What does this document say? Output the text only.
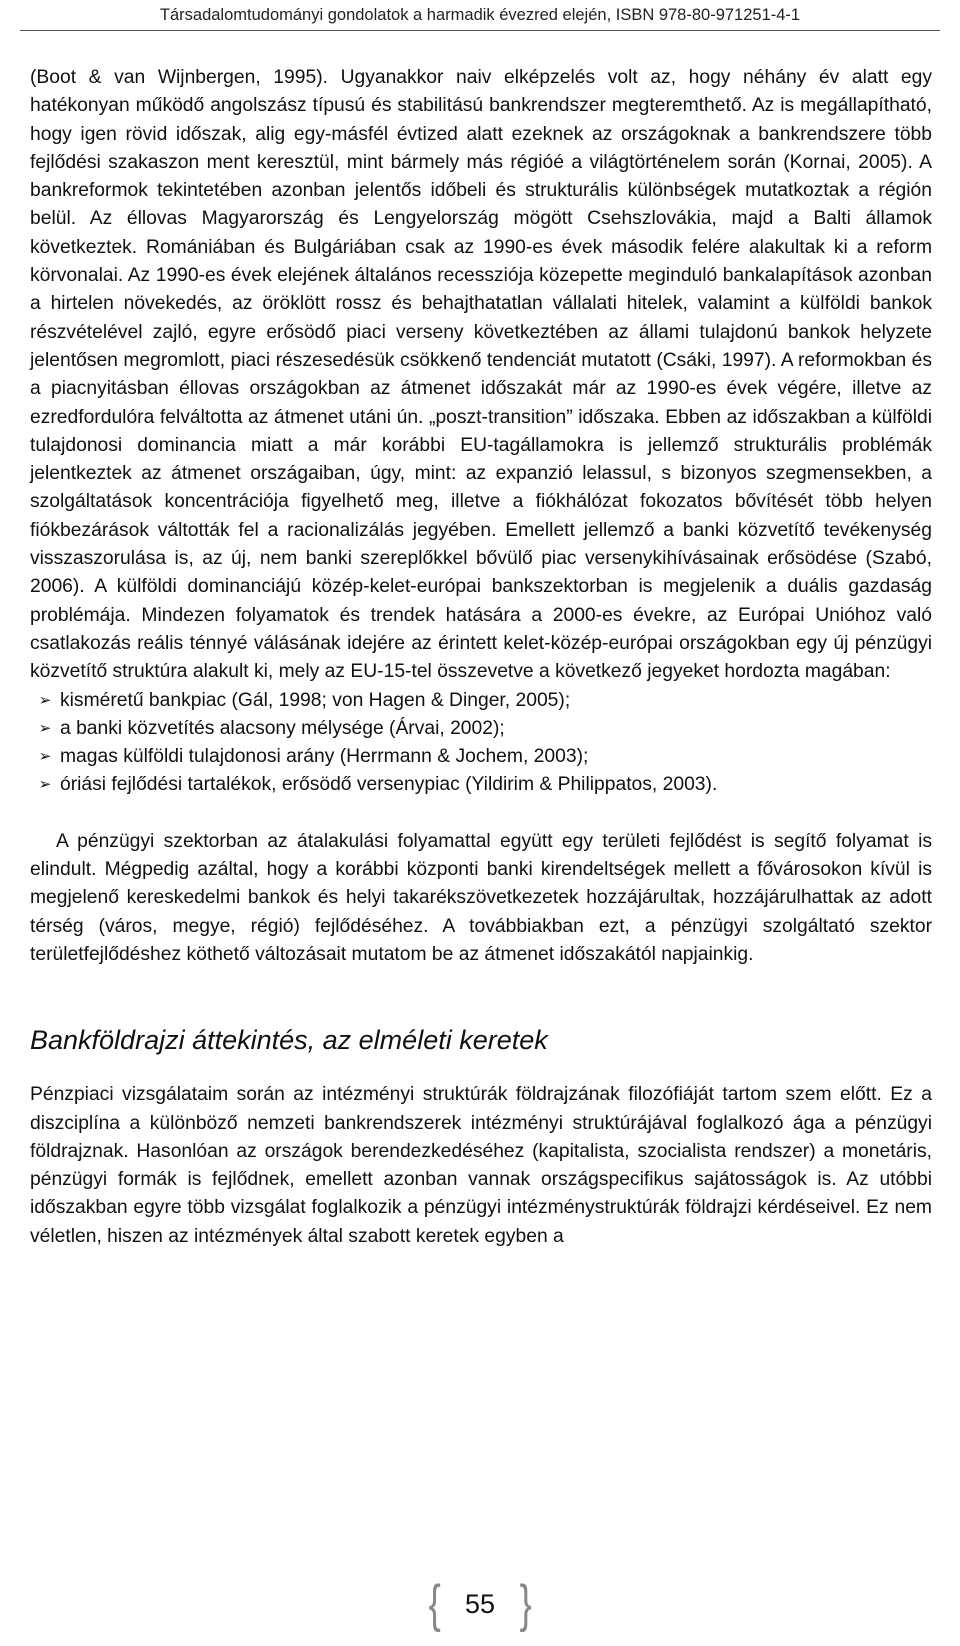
Társadalomtudományi gondolatok a harmadik évezred elején, ISBN 978-80-971251-4-1

(Boot & van Wijnbergen, 1995). Ugyanakkor naiv elképzelés volt az, hogy néhány év alatt egy hatékonyan működő angolszász típusú és stabilitású bankrendszer megteremthető. Az is megállapítható, hogy igen rövid időszak, alig egy-másfél évtized alatt ezeknek az országoknak a bankrendszere több fejlődési szakaszon ment keresztül, mint bármely más régióé a világtörténelem során (Kornai, 2005). A bankreformok tekintetében azonban jelentős időbeli és strukturális különbségek mutatkoztak a régión belül. Az éllovas Magyarország és Lengyelország mögött Csehszlovákia, majd a Balti államok következtek. Romániában és Bulgáriában csak az 1990-es évek második felére alakultak ki a reform körvonalai. Az 1990-es évek elejének általános recessziója közepette meginduló bankalapítások azonban a hirtelen növekedés, az öröklött rossz és behajthatatlan vállalati hitelek, valamint a külföldi bankok részvételével zajló, egyre erősödő piaci verseny következtében az állami tulajdonú bankok helyzete jelentősen megromlott, piaci részesedésük csökkenő tendenciát mutatott (Csáki, 1997). A reformokban és a piacnyitásban éllovas országokban az átmenet időszakát már az 1990-es évek végére, illetve az ezredfordulóra felváltotta az átmenet utáni ún. „poszt-transition” időszaka. Ebben az időszakban a külföldi tulajdonosi dominancia miatt a már korábbi EU-tagállamokra is jellemző strukturális problémák jelentkeztek az átmenet országaiban, úgy, mint: az expanzió lelassul, s bizonyos szegmensekben, a szolgáltatások koncentrációja figyelhető meg, illetve a fiókhálózat fokozatos bővítését több helyen fiókbezárások váltották fel a racionalizálás jegyében. Emellett jellemző a banki közvetítő tevékenység visszaszorulása is, az új, nem banki szereplőkkel bővülő piac versenykihívásainak erősödése (Szabó, 2006). A külföldi dominanciájú közép-kelet-európai bankszektorban is megjelenik a duális gazdaság problémája. Mindezen folyamatok és trendek hatására a 2000-es évekre, az Európai Unióhoz való csatlakozás reális ténnyé válásának idejére az érintett kelet-közép-európai országokban egy új pénzügyi közvetítő struktúra alakult ki, mely az EU-15-tel összevetve a következő jegyeket hordozta magában:

➢ kisméretű bankpiac (Gál, 1998; von Hagen & Dinger, 2005);
➢ a banki közvetítés alacsony mélysége (Árvai, 2002);
➢ magas külföldi tulajdonosi arány (Herrmann & Jochem, 2003);
➢ óriási fejlődési tartalékok, erősödő versenypiac (Yildirim & Philippatos, 2003).

A pénzügyi szektorban az átalakulási folyamattal együtt egy területi fejlődést is segítő folyamat is elindult. Mégpedig azáltal, hogy a korábbi központi banki kirendeltségek mellett a fővárosokon kívül is megjelenő kereskedelmi bankok és helyi takarékszövetkezetek hozzájárultak, hozzájárulhattak az adott térség (város, megye, régió) fejlődéséhez. A továbbiakban ezt, a pénzügyi szolgáltató szektor területfejlődéshez köthető változásait mutatom be az átmenet időszakától napjainkig.

Bankföldrajzi áttekintés, az elméleti keretek

Pénzpiaci vizsgálataim során az intézményi struktúrák földrajzának filozófiáját tartom szem előtt. Ez a diszciplína a különböző nemzeti bankrendszerek intézményi struktúrájával foglalkozó ága a pénzügyi földrajznak. Hasonlóan az országok berendezkedéséhez (kapitalista, szocialista rendszer) a monetáris, pénzügyi formák is fejlődnek, emellett azonban vannak országspecifikus sajátosságok is. Az utóbbi időszakban egyre több vizsgálat foglalkozik a pénzügyi intézménystruktúrák földrajzi kérdéseivel. Ez nem véletlen, hiszen az intézmények által szabott keretek egyben a

{ 55 }
